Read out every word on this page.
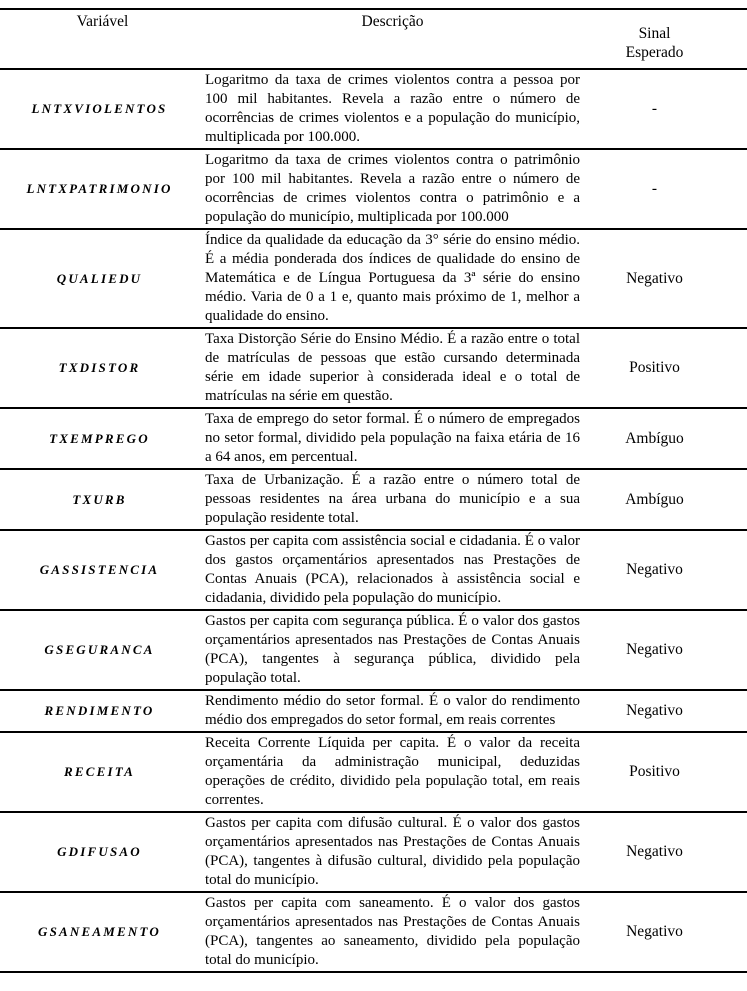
Variável	Descrição	Sinal Esperado
LNTXVIOLENTOS	Logaritmo da taxa de crimes violentos contra a pessoa por 100 mil habitantes. Revela a razão entre o número de ocorrências de crimes violentos e a população do município, multiplicada por 100.000.	-
LNTXPATRIMONIO	Logaritmo da taxa de crimes violentos contra o patrimônio por 100 mil habitantes. Revela a razão entre o número de ocorrências de crimes violentos contra o patrimônio e a população do município, multiplicada por 100.000	-
QUALIEDU	Índice da qualidade da educação da 3° série do ensino médio. É a média ponderada dos índices de qualidade do ensino de Matemática e de Língua Portuguesa da 3ª série do ensino médio. Varia de 0 a 1 e, quanto mais próximo de 1, melhor a qualidade do ensino.	Negativo
TXDISTOR	Taxa Distorção Série do Ensino Médio. É a razão entre o total de matrículas de pessoas que estão cursando determinada série em idade superior à considerada ideal e o total de matrículas na série em questão.	Positivo
TXEMPREGO	Taxa de emprego do setor formal. É o número de empregados no setor formal, dividido pela população na faixa etária de 16 a 64 anos, em percentual.	Ambíguo
TXURB	Taxa de Urbanização. É a razão entre o número total de pessoas residentes na área urbana do município e a sua população residente total.	Ambíguo
GASSISTENCIA	Gastos per capita com assistência social e cidadania. É o valor dos gastos orçamentários apresentados nas Prestações de Contas Anuais (PCA), relacionados à assistência social e cidadania, dividido pela população do município.	Negativo
GSEGURANCA	Gastos per capita com segurança pública. É o valor dos gastos orçamentários apresentados nas Prestações de Contas Anuais (PCA), tangentes à segurança pública, dividido pela população total.	Negativo
RENDIMENTO	Rendimento médio do setor formal. É o valor do rendimento médio dos empregados do setor formal, em reais correntes	Negativo
RECEITA	Receita Corrente Líquida per capita. É o valor da receita orçamentária da administração municipal, deduzidas operações de crédito, dividido pela população total, em reais correntes.	Positivo
GDIFUSAO	Gastos per capita com difusão cultural. É o valor dos gastos orçamentários apresentados nas Prestações de Contas Anuais (PCA), tangentes à difusão cultural, dividido pela população total do município.	Negativo
GSANEAMENTO	Gastos per capita com saneamento. É o valor dos gastos orçamentários apresentados nas Prestações de Contas Anuais (PCA), tangentes ao saneamento, dividido pela população total do município.	Negativo
